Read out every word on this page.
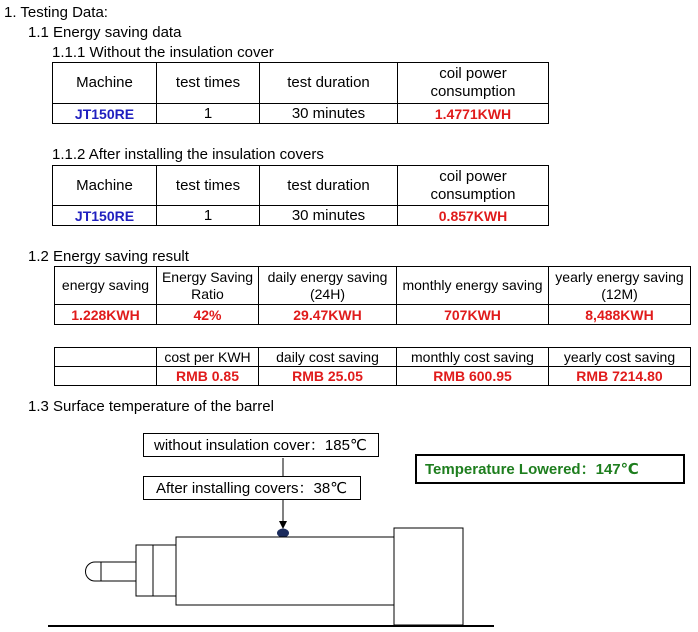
1. Testing Data:
1.1 Energy saving data
1.1.1 Without the insulation cover
Machine	test times	test duration	coil power consumption
JT150RE	1	30 minutes	1.4771KWH
1.1.2 After installing the insulation covers
Machine	test times	test duration	coil power consumption
JT150RE	1	30 minutes	0.857KWH
1.2 Energy saving result
energy saving	Energy Saving Ratio	daily energy saving (24H)	monthly energy saving	yearly energy saving (12M)
1.228KWH	42%	29.47KWH	707KWH	8,488KWH
	cost per KWH	daily cost saving	monthly cost saving	yearly cost saving
	RMB 0.85	RMB 25.05	RMB 600.95	RMB 7214.80
1.3 Surface temperature of the barrel
without insulation cover：185℃
After installing covers：38℃
Temperature Lowered：147℃
